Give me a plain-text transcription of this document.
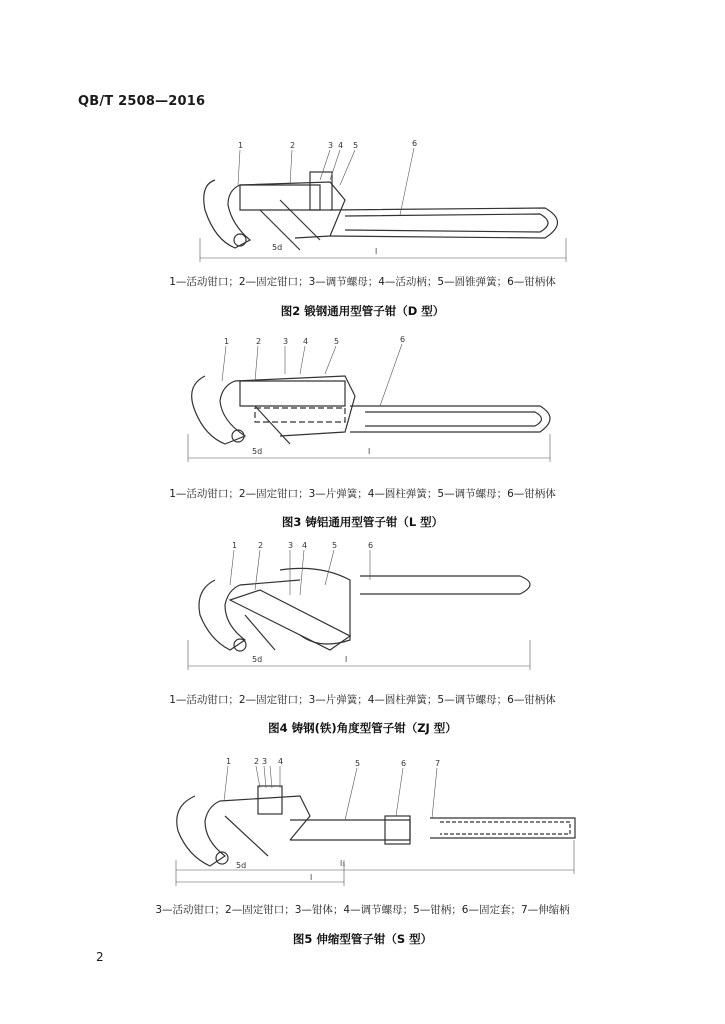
QB/T 2508—2016
1	2	3 4 5	6
5d	l
1—活动钳口；2—固定钳口；3—调节螺母；4—活动柄；5—圆锥弹簧；6—钳柄体
图2 锻钢通用型管子钳（D 型）
1	2	3 4	5	6
5d	l
1—活动钳口；2—固定钳口；3—片弹簧；4—圆柱弹簧；5—调节螺母；6—钳柄体
图3 铸铝通用型管子钳（L 型）
1	2	3 4	5	6
5d	l
1—活动钳口；2—固定钳口；3—片弹簧；4—圆柱弹簧；5—调节螺母；6—钳柄体
图4 铸钢(铁)角度型管子钳（ZJ 型）
1	2 3 4	5	6	7
5d	l₁
l
3—活动钳口；2—固定钳口；3—钳体；4—调节螺母；5—钳柄；6—固定套；7—伸缩柄
图5 伸缩型管子钳（S 型）
2
